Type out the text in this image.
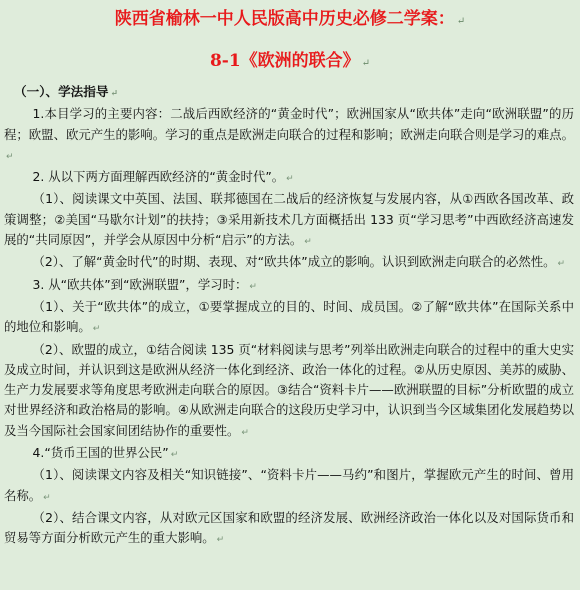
陕西省榆林一中人民版高中历史必修二学案： ↵
8-1《欧洲的联合》 ↵

（一）、学法指导 ↵

1.本目学习的主要内容：二战后西欧经济的“黄金时代”；欧洲国家从“欧共体”走向“欧洲联盟”的历程；欧盟、欧元产生的影响。学习的重点是欧洲走向联合的过程和影响；欧洲走向联合则是学习的难点。↵

2. 从以下两方面理解西欧经济的“黄金时代”。 ↵

（1）、阅读课文中英国、法国、联邦德国在二战后的经济恢复与发展内容，从①西欧各国改革、政策调整；②美国“马歇尔计划”的扶持；③采用新技术几方面概括出 133 页“学习思考”中西欧经济高速发展的“共同原因”，并学会从原因中分析“启示”的方法。 ↵

（2）、了解“黄金时代”的时期、表现、对“欧共体”成立的影响。认识到欧洲走向联合的必然性。 ↵

3. 从“欧共体”到“欧洲联盟”，学习时： ↵

（1）、关于“欧共体”的成立，①要掌握成立的目的、时间、成员国。②了解“欧共体”在国际关系中的地位和影响。 ↵

（2）、欧盟的成立，①结合阅读 135 页“材料阅读与思考”列举出欧洲走向联合的过程中的重大史实及成立时间，并认识到这是欧洲从经济一体化到经济、政治一体化的过程。②从历史原因、美苏的威胁、生产力发展要求等角度思考欧洲走向联合的原因。③结合“资料卡片——欧洲联盟的目标”分析欧盟的成立对世界经济和政治格局的影响。④从欧洲走向联合的这段历史学习中，认识到当今区域集团化发展趋势以及当今国际社会国家间团结协作的重要性。 ↵

4.“货币王国的世界公民” ↵

（1）、阅读课文内容及相关“知识链接”、“资料卡片——马约”和图片，掌握欧元产生的时间、曾用名称。 ↵

（2）、结合课文内容，从对欧元区国家和欧盟的经济发展、欧洲经济政治一体化以及对国际货币和贸易等方面分析欧元产生的重大影响。 ↵
